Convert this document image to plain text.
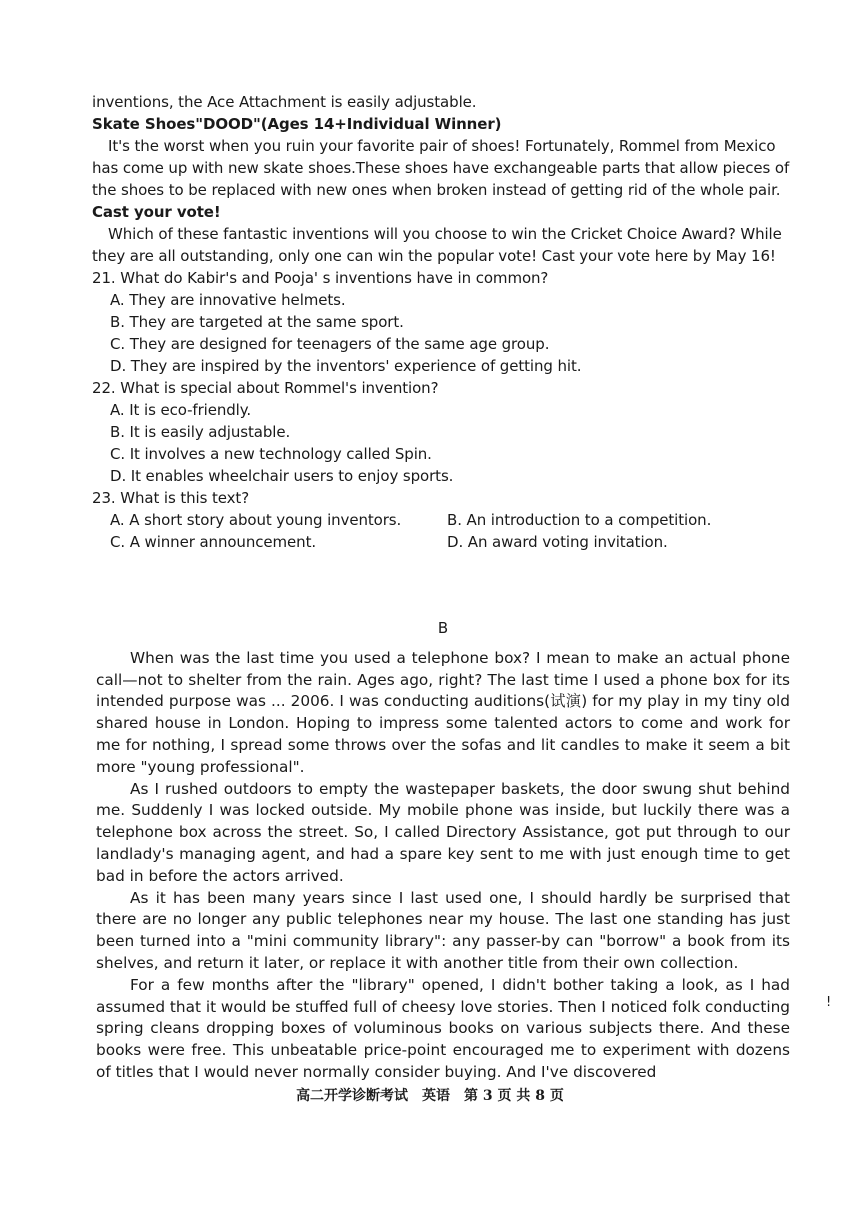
inventions, the Ace Attachment is easily adjustable.

Skate Shoes"DOOD"(Ages 14+Individual Winner)

It's the worst when you ruin your favorite pair of shoes! Fortunately, Rommel from Mexico has come up with new skate shoes.These shoes have exchangeable parts that allow pieces of the shoes to be replaced with new ones when broken instead of getting rid of the whole pair.

Cast your vote!

Which of these fantastic inventions will you choose to win the Cricket Choice Award? While they are all outstanding, only one can win the popular vote! Cast your vote here by May 16!

21. What do Kabir's and Pooja' s inventions have in common?

A. They are innovative helmets.

B. They are targeted at the same sport.

C. They are designed for teenagers of the same age group.

D. They are inspired by the inventors' experience of getting hit.

22. What is special about Rommel's invention?

A. It is eco-friendly.

B. It is easily adjustable.

C. It involves a new technology called Spin.

D. It enables wheelchair users to enjoy sports.

23. What is this text?

A. A short story about young inventors.	B. An introduction to a competition.
C. A winner announcement.	D. An award voting invitation.

B

When was the last time you used a telephone box? I mean to make an actual phone call—not to shelter from the rain. Ages ago, right? The last time I used a phone box for its intended purpose was ... 2006. I was conducting auditions(试演) for my play in my tiny old shared house in London. Hoping to impress some talented actors to come and work for me for nothing, I spread some throws over the sofas and lit candles to make it seem a bit more "young professional".

As I rushed outdoors to empty the wastepaper baskets, the door swung shut behind me. Suddenly I was locked outside. My mobile phone was inside, but luckily there was a telephone box across the street. So, I called Directory Assistance, got put through to our landlady's managing agent, and had a spare key sent to me with just enough time to get bad in before the actors arrived.

As it has been many years since I last used one, I should hardly be surprised that there are no longer any public telephones near my house. The last one standing has just been turned into a "mini community library": any passer-by can "borrow" a book from its shelves, and return it later, or replace it with another title from their own collection.

For a few months after the "library" opened, I didn't bother taking a look, as I had assumed that it would be stuffed full of cheesy love stories. Then I noticed folk conducting spring cleans dropping boxes of voluminous books on various subjects there. And these books were free. This unbeatable price-point encouraged me to experiment with dozens of titles that I would never normally consider buying. And I've discovered

!
高二开学诊断考试　英语　第 3 页 共 8 页
